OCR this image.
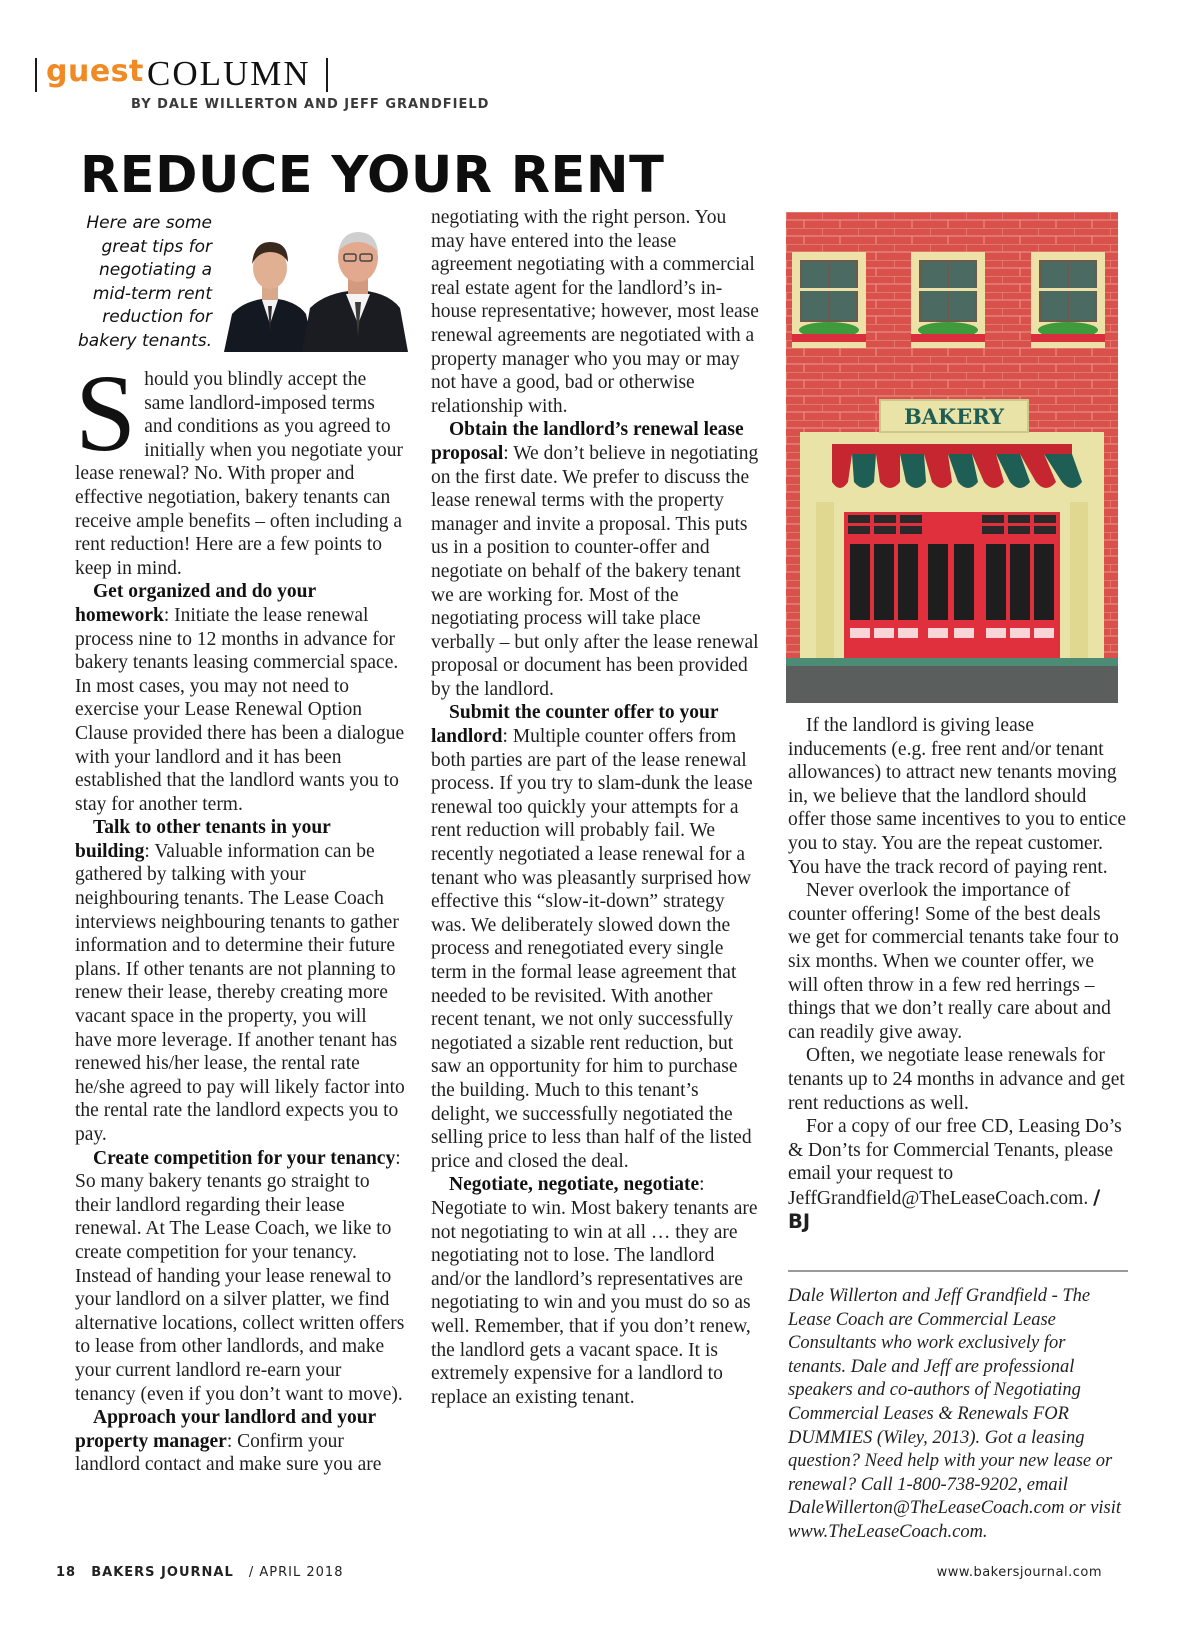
guest COLUMN
BY DALE WILLERTON AND JEFF GRANDFIELD
REDUCE YOUR RENT
Here are some
great tips for
negotiating a
mid-term rent
reduction for
bakery tenants.

Should you blindly accept the same landlord-imposed terms and conditions as you agreed to initially when you negotiate your lease renewal? No. With proper and effective negotiation, bakery tenants can receive ample benefits – often including a rent reduction! Here are a few points to keep in mind.

Get organized and do your homework: Initiate the lease renewal process nine to 12 months in advance for bakery tenants leasing commercial space. In most cases, you may not need to exercise your Lease Renewal Option Clause provided there has been a dialogue with your landlord and it has been established that the landlord wants you to stay for another term.

Talk to other tenants in your building: Valuable information can be gathered by talking with your neighbouring tenants. The Lease Coach interviews neighbouring tenants to gather information and to determine their future plans. If other tenants are not planning to renew their lease, thereby creating more vacant space in the property, you will have more leverage. If another tenant has renewed his/her lease, the rental rate he/she agreed to pay will likely factor into the rental rate the landlord expects you to pay.

Create competition for your tenancy: So many bakery tenants go straight to their landlord regarding their lease renewal. At The Lease Coach, we like to create competition for your tenancy. Instead of handing your lease renewal to your landlord on a silver platter, we find alternative locations, collect written offers to lease from other landlords, and make your current landlord re-earn your tenancy (even if you don’t want to move).

Approach your landlord and your property manager: Confirm your landlord contact and make sure you are

negotiating with the right person. You may have entered into the lease agreement negotiating with a commercial real estate agent for the landlord’s in-house representative; however, most lease renewal agreements are negotiated with a property manager who you may or may not have a good, bad or otherwise relationship with.

Obtain the landlord’s renewal lease proposal: We don’t believe in negotiating on the first date. We prefer to discuss the lease renewal terms with the property manager and invite a proposal. This puts us in a position to counter-offer and negotiate on behalf of the bakery tenant we are working for. Most of the negotiating process will take place verbally – but only after the lease renewal proposal or document has been provided by the landlord.

Submit the counter offer to your landlord: Multiple counter offers from both parties are part of the lease renewal process. If you try to slam-dunk the lease renewal too quickly your attempts for a rent reduction will probably fail. We recently negotiated a lease renewal for a tenant who was pleasantly surprised how effective this “slow-it-down” strategy was. We deliberately slowed down the process and renegotiated every single term in the formal lease agreement that needed to be revisited. With another recent tenant, we not only successfully negotiated a sizable rent reduction, but saw an opportunity for him to purchase the building. Much to this tenant’s delight, we successfully negotiated the selling price to less than half of the listed price and closed the deal.

Negotiate, negotiate, negotiate: Negotiate to win. Most bakery tenants are not negotiating to win at all … they are negotiating not to lose. The landlord and/or the landlord’s representatives are negotiating to win and you must do so as well. Remember, that if you don’t renew, the landlord gets a vacant space. It is extremely expensive for a landlord to replace an existing tenant.

BAKERY

If the landlord is giving lease inducements (e.g. free rent and/or tenant allowances) to attract new tenants moving in, we believe that the landlord should offer those same incentives to you to entice you to stay. You are the repeat customer. You have the track record of paying rent.

Never overlook the importance of counter offering! Some of the best deals we get for commercial tenants take four to six months. When we counter offer, we will often throw in a few red herrings – things that we don’t really care about and can readily give away.

Often, we negotiate lease renewals for tenants up to 24 months in advance and get rent reductions as well.

For a copy of our free CD, Leasing Do’s & Don’ts for Commercial Tenants, please email your request to JeffGrandfield@TheLeaseCoach.com. / BJ

Dale Willerton and Jeff Grandfield - The Lease Coach are Commercial Lease Consultants who work exclusively for tenants. Dale and Jeff are professional speakers and co-authors of Negotiating Commercial Leases & Renewals FOR DUMMIES (Wiley, 2013). Got a leasing question? Need help with your new lease or renewal? Call 1-800-738-9202, email DaleWillerton@TheLeaseCoach.com or visit www.TheLeaseCoach.com.
18 BAKERS JOURNAL / APRIL 2018	www.bakersjournal.com
